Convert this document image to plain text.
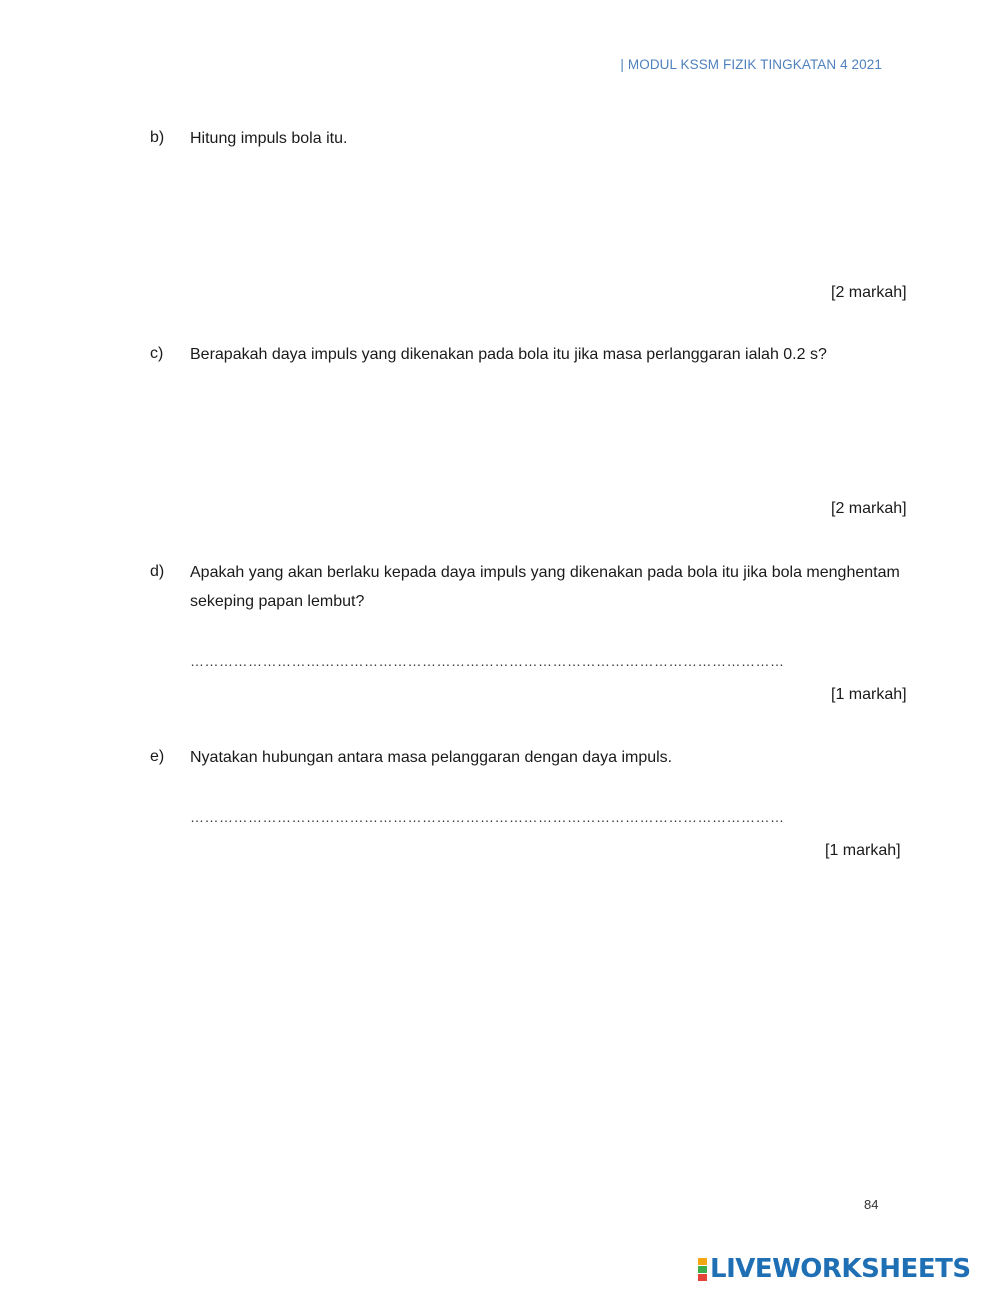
| MODUL KSSM FIZIK TINGKATAN 4 2021
b) Hitung impuls bola itu.
[2 markah]
c) Berapakah daya impuls yang dikenakan pada bola itu jika masa perlanggaran ialah 0.2 s?
[2 markah]
d) Apakah yang akan berlaku kepada daya impuls yang dikenakan pada bola itu jika bola menghentam sekeping papan lembut?
……………………………………………………………………………………………………………
[1 markah]
e) Nyatakan hubungan antara masa pelanggaran dengan daya impuls.
……………………………………………………………………………………………………………
[1 markah]
84
LIVEWORKSHEETS
